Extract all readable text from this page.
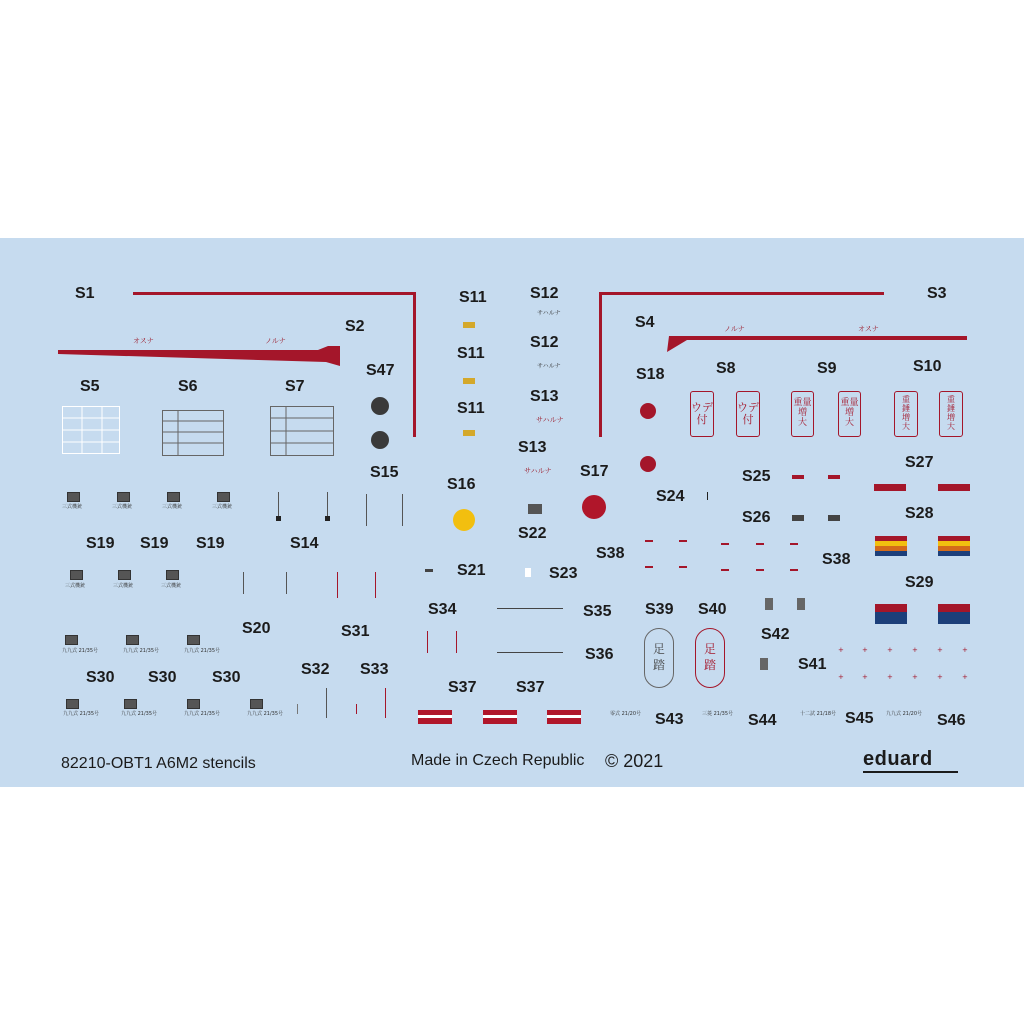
S1
S2
オスナ	ノルナ
S47
S5	S6	S7
S11
S11
S11
S12
サハルナ
S12
サハルナ
S13
サハルナ
S13
サハルナ
S3
S4	ノルナ	オスナ
S18	S8
ウデ
付
ウデ
付
S9
重量
増
大
重量
増
大
S10
重
錘
増
大
重
錘
増
大
S15
S16
S17
S24
S14
三式機銃	三式機銃	三式機銃	三式機銃
S19 S19 S19
三式機銃	三式機銃	三式機銃
S20	S31
S21
S22
S23
S25
S26
S27
S28
S29
S38	S38
S34	S35
S36
S39 S40
足
踏
足
踏
S42
S41
+	+	+	+	+	+
+	+	+	+	+	+
九九式 21/35号	九九式 21/35号	九九式 21/35号
S30 S30 S30
九九式 21/35号	九九式 21/35号	九九式 21/35号	九九式 21/35号
S32 S33
S37 S37
零式 21/20号 S43	三菱 21/35号 S44	十二試 21/18号 S45	九九式 21/20号 S46
82210-OBT1 A6M2 stencils	Made in Czech Republic © 2021	eduard
